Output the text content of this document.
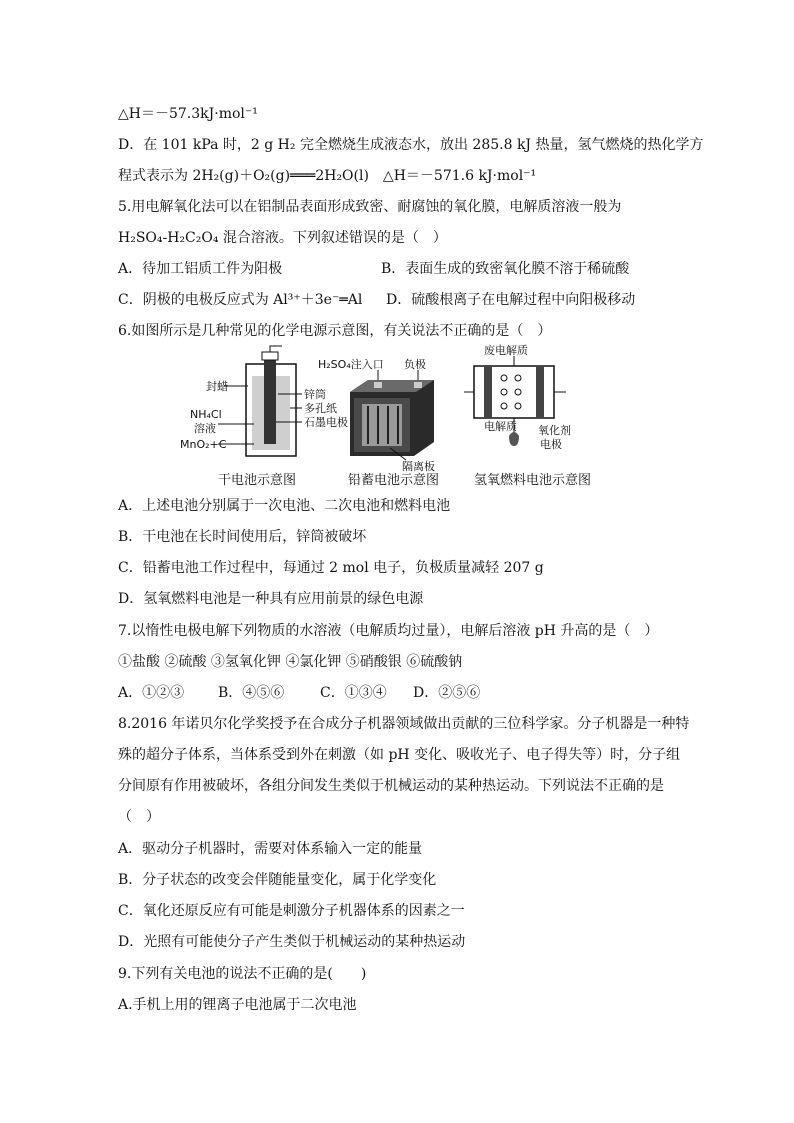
△H＝－57.3kJ·mol⁻¹
D．在 101 kPa 时，2 g H₂ 完全燃烧生成液态水，放出 285.8 kJ 热量，氢气燃烧的热化学方
程式表示为 2H₂(g)＋O₂(g)═══2H₂O(l)　△H＝－571.6 kJ·mol⁻¹
5.用电解氧化法可以在铝制品表面形成致密、耐腐蚀的氧化膜，电解质溶液一般为
H₂SO₄-H₂C₂O₄ 混合溶液。下列叙述错误的是（　）
A．待加工铝质工件为阳极	B．表面生成的致密氧化膜不溶于稀硫酸
C．阴极的电极反应式为 Al³⁺＋3e⁻═Al D．硫酸根离子在电解过程中向阳极移动
6.如图所示是几种常见的化学电源示意图，有关说法不正确的是（　）
封蜡
NH₄Cl
溶液
MnO₂+C
锌筒
多孔纸
石墨电极
干电池示意图
H₂SO₄注入口 负极
隔离板
铅蓄电池示意图
废电解质
电解质 氧化剂
电极
氢氧燃料电池示意图
A．上述电池分别属于一次电池、二次电池和燃料电池
B．干电池在长时间使用后，锌筒被破坏
C．铅蓄电池工作过程中，每通过 2 mol 电子，负极质量减轻 207 g
D．氢氧燃料电池是一种具有应用前景的绿色电源
7.以惰性电极电解下列物质的水溶液（电解质均过量），电解后溶液 pH 升高的是（　）
①盐酸 ②硫酸 ③氢氧化钾 ④氯化钾 ⑤硝酸银 ⑥硫酸钠
A．①②③ B．④⑤⑥	C．①③④ D．②⑤⑥
8.2016 年诺贝尔化学奖授予在合成分子机器领域做出贡献的三位科学家。分子机器是一种特
殊的超分子体系，当体系受到外在刺激（如 pH 变化、吸收光子、电子得失等）时，分子组
分间原有作用被破坏，各组分间发生类似于机械运动的某种热运动。下列说法不正确的是
（　）
A．驱动分子机器时，需要对体系输入一定的能量
B．分子状态的改变会伴随能量变化，属于化学变化
C．氧化还原反应有可能是刺激分子机器体系的因素之一
D．光照有可能使分子产生类似于机械运动的某种热运动
9.下列有关电池的说法不正确的是(　　)
A.手机上用的锂离子电池属于二次电池
